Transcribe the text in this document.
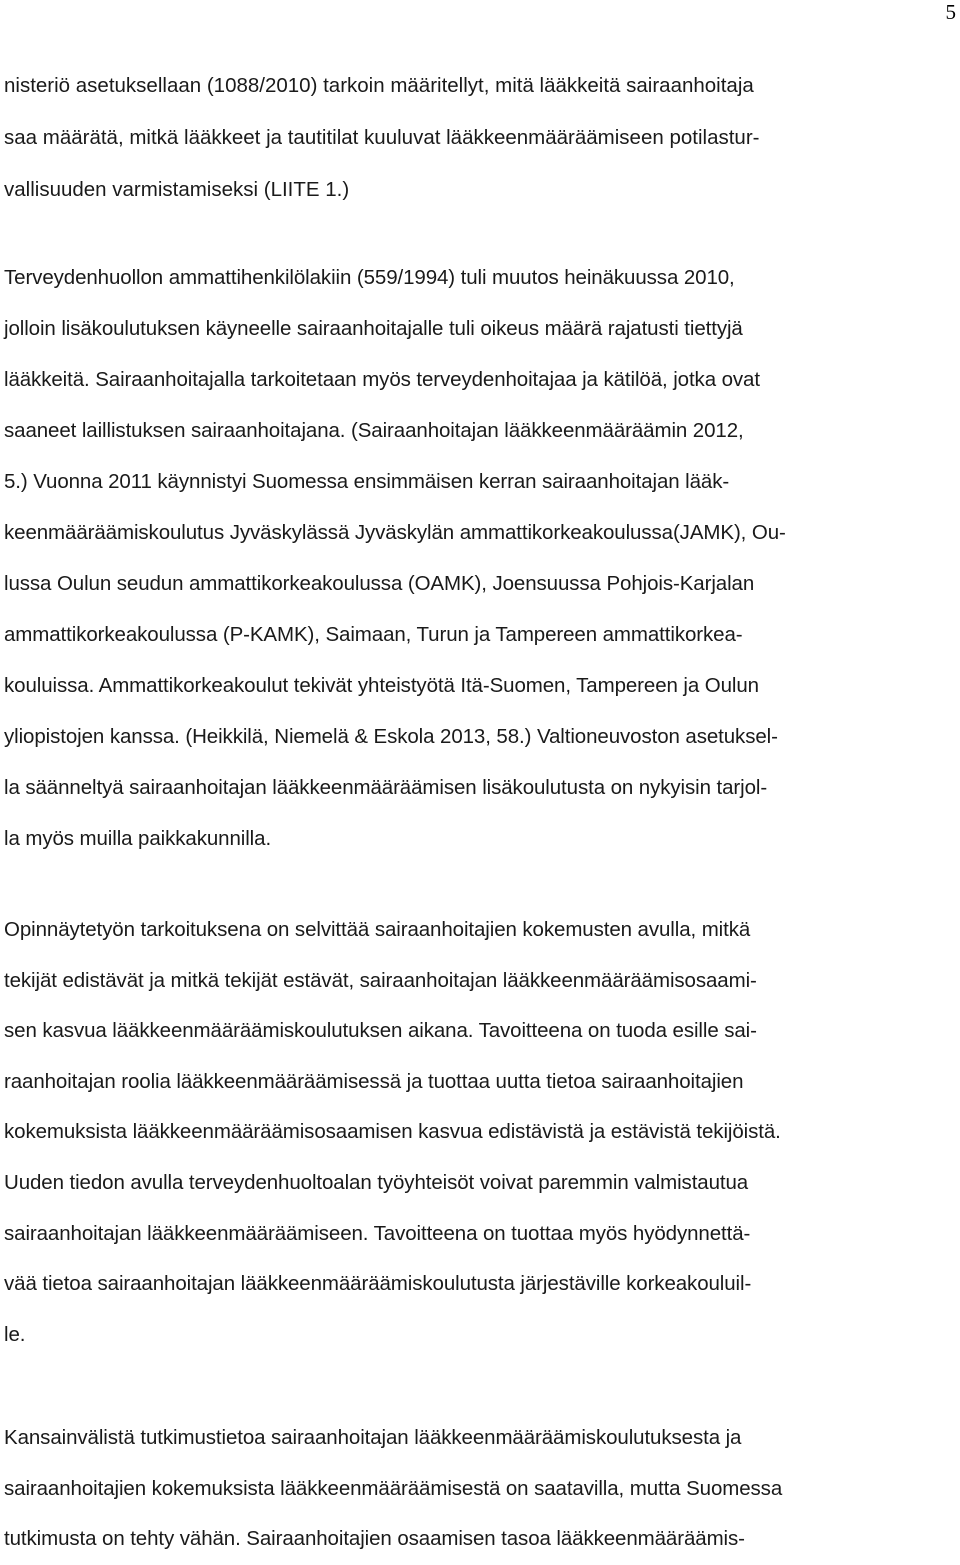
5
nisteriö asetuksellaan (1088/2010) tarkoin määritellyt, mitä lääkkeitä sairaanhoitaja
saa määrätä, mitkä lääkkeet ja tautitilat kuuluvat lääkkeenmääräämiseen potilastur-
vallisuuden varmistamiseksi (LIITE 1.)
Terveydenhuollon ammattihenkilölakiin (559/1994) tuli muutos heinäkuussa 2010,
jolloin lisäkoulutuksen käyneelle sairaanhoitajalle tuli oikeus määrä rajatusti tiettyjä
lääkkeitä. Sairaanhoitajalla tarkoitetaan myös terveydenhoitajaa ja kätilöä, jotka ovat
saaneet laillistuksen sairaanhoitajana. (Sairaanhoitajan lääkkeenmääräämin 2012,
5.) Vuonna 2011 käynnistyi Suomessa ensimmäisen kerran sairaanhoitajan lääk-
keenmääräämiskoulutus Jyväskylässä Jyväskylän ammattikorkeakoulussa(JAMK), Ou-
lussa Oulun seudun ammattikorkeakoulussa (OAMK), Joensuussa Pohjois-Karjalan
ammattikorkeakoulussa (P-KAMK), Saimaan, Turun ja Tampereen ammattikorkea-
kouluissa. Ammattikorkeakoulut tekivät yhteistyötä Itä-Suomen, Tampereen ja Oulun
yliopistojen kanssa. (Heikkilä, Niemelä & Eskola 2013, 58.) Valtioneuvoston asetuksel-
la säänneltyä sairaanhoitajan lääkkeenmääräämisen lisäkoulutusta on nykyisin tarjol-
la myös muilla paikkakunnilla.
Opinnäytetyön tarkoituksena on selvittää sairaanhoitajien kokemusten avulla, mitkä
tekijät edistävät ja mitkä tekijät estävät, sairaanhoitajan lääkkeenmääräämisosaami-
sen kasvua lääkkeenmääräämiskoulutuksen aikana. Tavoitteena on tuoda esille sai-
raanhoitajan roolia lääkkeenmääräämisessä ja tuottaa uutta tietoa sairaanhoitajien
kokemuksista lääkkeenmääräämisosaamisen kasvua edistävistä ja estävistä tekijöistä.
Uuden tiedon avulla terveydenhuoltoalan työyhteisöt voivat paremmin valmistautua
sairaanhoitajan lääkkeenmääräämiseen. Tavoitteena on tuottaa myös hyödynnettä-
vää tietoa sairaanhoitajan lääkkeenmääräämiskoulutusta järjestäville korkeakouluil-
le.
Kansainvälistä tutkimustietoa sairaanhoitajan lääkkeenmääräämiskoulutuksesta ja
sairaanhoitajien kokemuksista lääkkeenmääräämisestä on saatavilla, mutta Suomessa
tutkimusta on tehty vähän. Sairaanhoitajien osaamisen tasoa lääkkeenmääräämis-
